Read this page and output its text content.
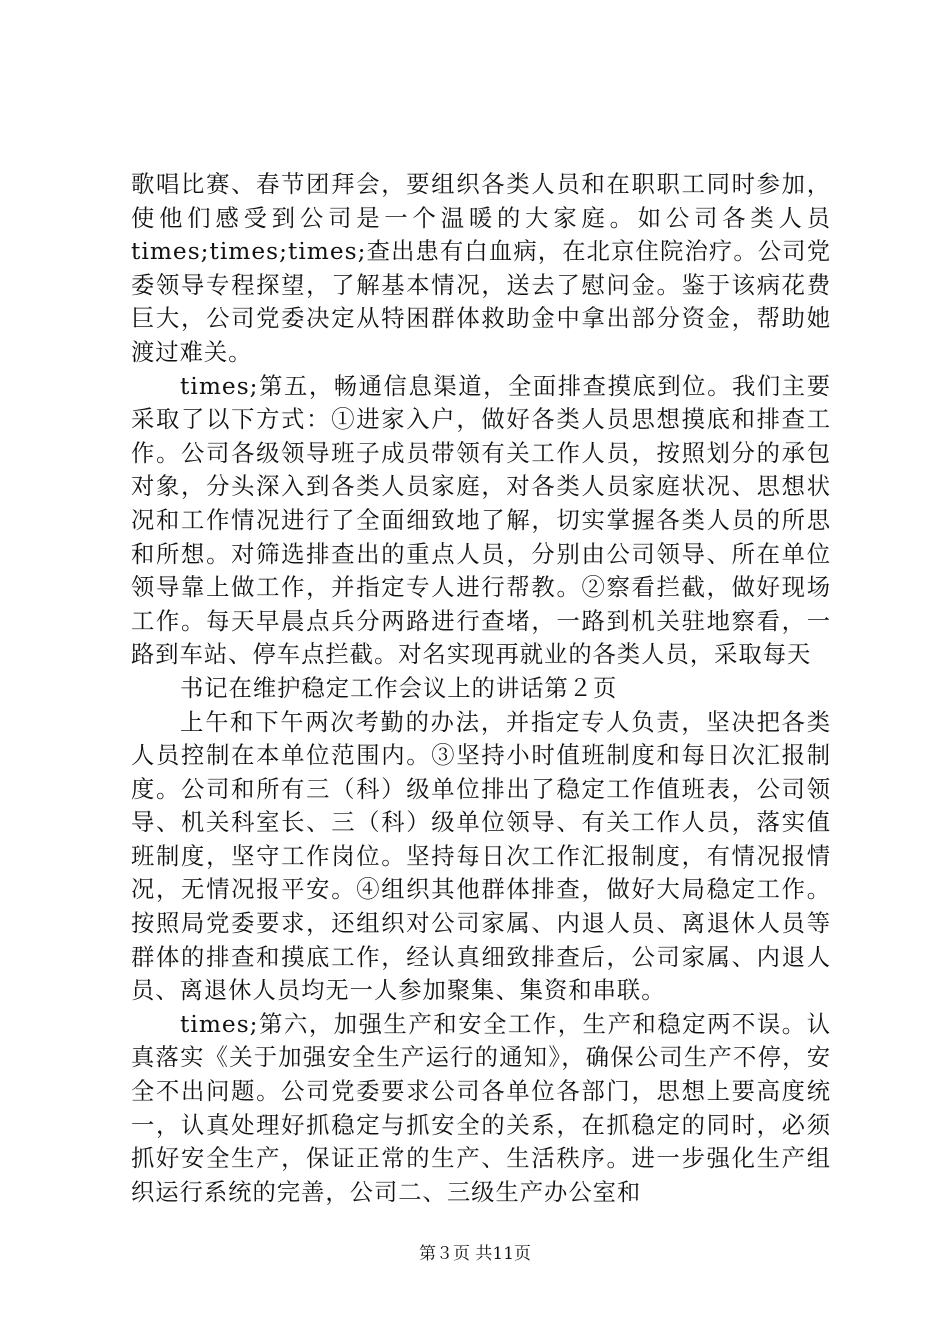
歌唱比赛、春节团拜会，要组织各类人员和在职职工同时参加，使他们感受到公司是一个温暖的大家庭。如公司各类人员times;times;times;查出患有白血病，在北京住院治疗。公司党委领导专程探望，了解基本情况，送去了慰问金。鉴于该病花费巨大，公司党委决定从特困群体救助金中拿出部分资金，帮助她渡过难关。

times;第五，畅通信息渠道，全面排查摸底到位。我们主要采取了以下方式：①进家入户，做好各类人员思想摸底和排查工作。公司各级领导班子成员带领有关工作人员，按照划分的承包对象，分头深入到各类人员家庭，对各类人员家庭状况、思想状况和工作情况进行了全面细致地了解，切实掌握各类人员的所思和所想。对筛选排查出的重点人员，分别由公司领导、所在单位领导靠上做工作，并指定专人进行帮教。②察看拦截，做好现场工作。每天早晨点兵分两路进行查堵，一路到机关驻地察看，一路到车站、停车点拦截。对名实现再就业的各类人员，采取每天

书记在维护稳定工作会议上的讲话第２页

上午和下午两次考勤的办法，并指定专人负责，坚决把各类人员控制在本单位范围内。③坚持小时值班制度和每日次汇报制度。公司和所有三（科）级单位排出了稳定工作值班表，公司领导、机关科室长、三（科）级单位领导、有关工作人员，落实值班制度，坚守工作岗位。坚持每日次工作汇报制度，有情况报情况，无情况报平安。④组织其他群体排查，做好大局稳定工作。按照局党委要求，还组织对公司家属、内退人员、离退休人员等群体的排查和摸底工作，经认真细致排查后，公司家属、内退人员、离退休人员均无一人参加聚集、集资和串联。

times;第六，加强生产和安全工作，生产和稳定两不误。认真落实《关于加强安全生产运行的通知》，确保公司生产不停，安全不出问题。公司党委要求公司各单位各部门，思想上要高度统一，认真处理好抓稳定与抓安全的关系，在抓稳定的同时，必须抓好安全生产，保证正常的生产、生活秩序。进一步强化生产组织运行系统的完善，公司二、三级生产办公室和

第３页 共11页
